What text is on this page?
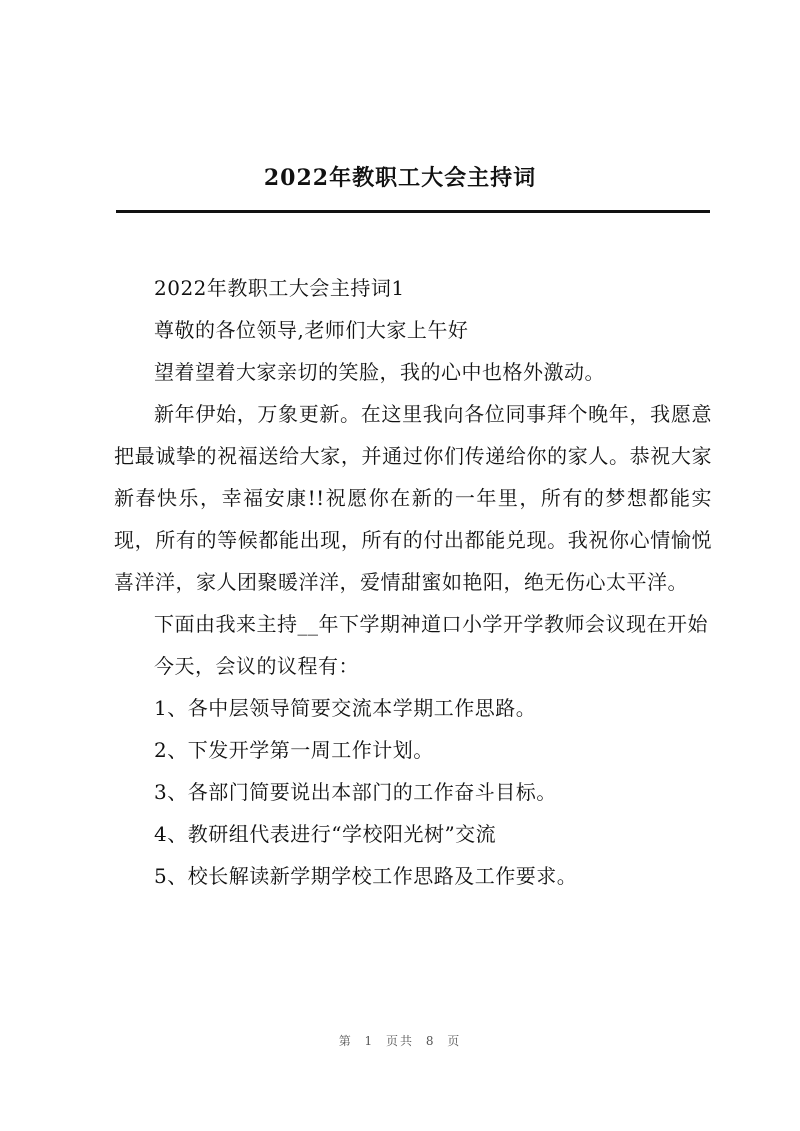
2022年教职工大会主持词

2022年教职工大会主持词1

尊敬的各位领导,老师们大家上午好

望着望着大家亲切的笑脸，我的心中也格外激动。

新年伊始，万象更新。在这里我向各位同事拜个晚年，我愿意把最诚挚的祝福送给大家，并通过你们传递给你的家人。恭祝大家新春快乐，幸福安康!!祝愿你在新的一年里，所有的梦想都能实现，所有的等候都能出现，所有的付出都能兑现。我祝你心情愉悦喜洋洋，家人团聚暖洋洋，爱情甜蜜如艳阳，绝无伤心太平洋。

下面由我来主持__年下学期神道口小学开学教师会议现在开始

今天，会议的议程有：

1、各中层领导简要交流本学期工作思路。

2、下发开学第一周工作计划。

3、各部门简要说出本部门的工作奋斗目标。

4、教研组代表进行“学校阳光树”交流

5、校长解读新学期学校工作思路及工作要求。

第 1 页共 8 页
